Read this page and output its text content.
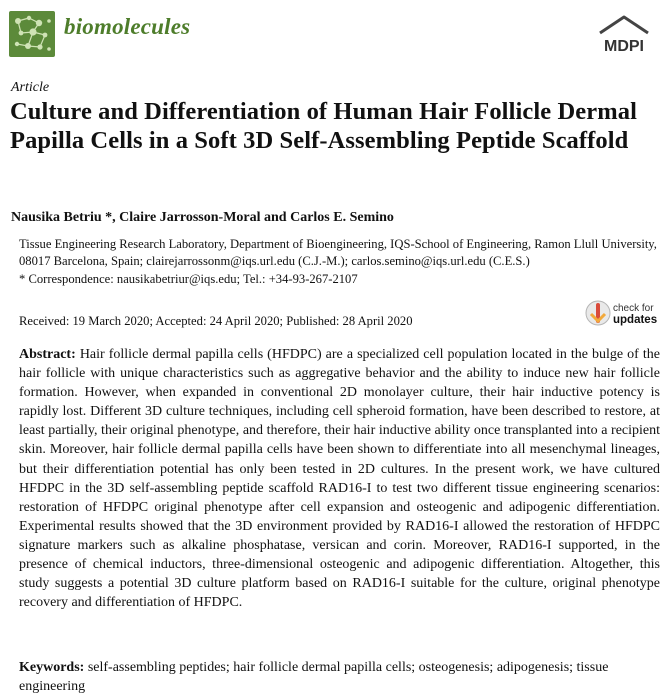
biomolecules
MDPI
Article
Culture and Differentiation of Human Hair Follicle Dermal Papilla Cells in a Soft 3D Self-Assembling Peptide Scaffold
Nausika Betriu *, Claire Jarrosson-Moral and Carlos E. Semino
Tissue Engineering Research Laboratory, Department of Bioengineering, IQS-School of Engineering, Ramon Llull University, 08017 Barcelona, Spain; clairejarrossonm@iqs.url.edu (C.J.-M.); carlos.semino@iqs.url.edu (C.E.S.)
* Correspondence: nausikabetriur@iqs.edu; Tel.: +34-93-267-2107
Received: 19 March 2020; Accepted: 24 April 2020; Published: 28 April 2020
check for
updates
Abstract: Hair follicle dermal papilla cells (HFDPC) are a specialized cell population located in the bulge of the hair follicle with unique characteristics such as aggregative behavior and the ability to induce new hair follicle formation. However, when expanded in conventional 2D monolayer culture, their hair inductive potency is rapidly lost. Different 3D culture techniques, including cell spheroid formation, have been described to restore, at least partially, their original phenotype, and therefore, their hair inductive ability once transplanted into a recipient skin. Moreover, hair follicle dermal papilla cells have been shown to differentiate into all mesenchymal lineages, but their differentiation potential has only been tested in 2D cultures. In the present work, we have cultured HFDPC in the 3D self-assembling peptide scaffold RAD16-I to test two different tissue engineering scenarios: restoration of HFDPC original phenotype after cell expansion and osteogenic and adipogenic differentiation. Experimental results showed that the 3D environment provided by RAD16-I allowed the restoration of HFDPC signature markers such as alkaline phosphatase, versican and corin. Moreover, RAD16-I supported, in the presence of chemical inductors, three-dimensional osteogenic and adipogenic differentiation. Altogether, this study suggests a potential 3D culture platform based on RAD16-I suitable for the culture, original phenotype recovery and differentiation of HFDPC.
Keywords: self-assembling peptides; hair follicle dermal papilla cells; osteogenesis; adipogenesis; tissue engineering
